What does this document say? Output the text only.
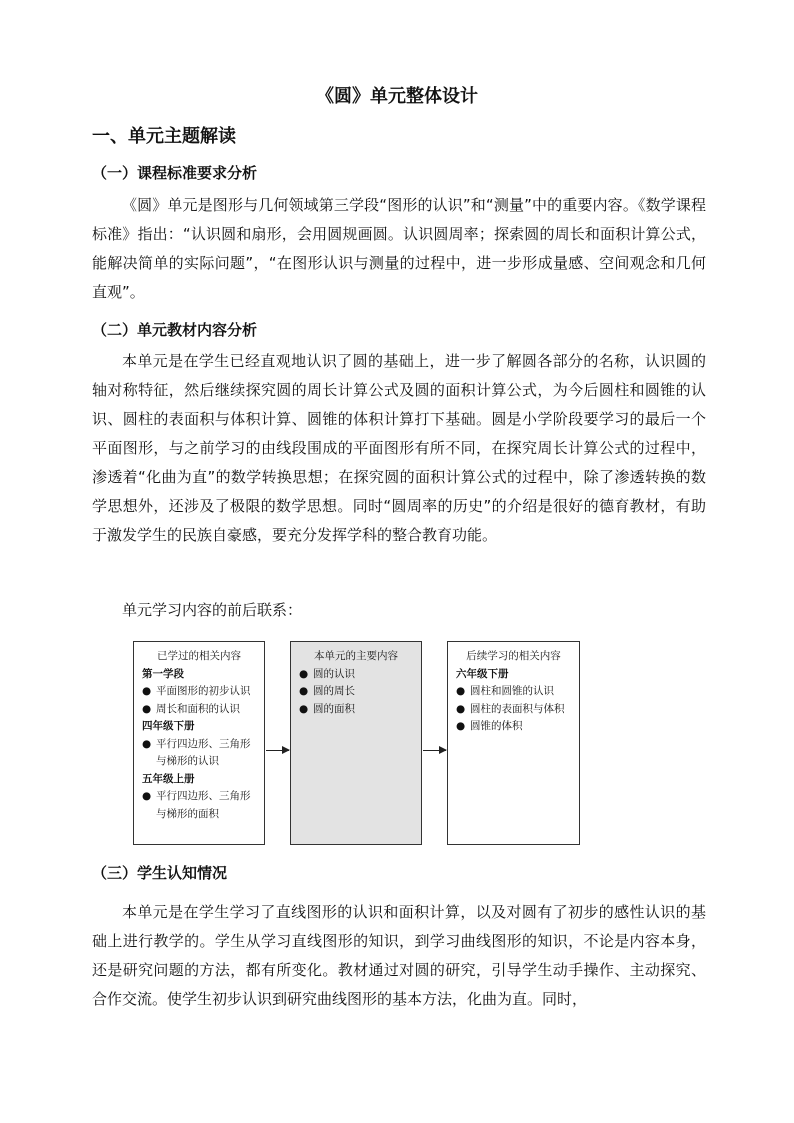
《圆》单元整体设计
一、单元主题解读
（一）课程标准要求分析

《圆》单元是图形与几何领域第三学段“图形的认识”和“测量”中的重要内容。《数学课程标准》指出：“认识圆和扇形，会用圆规画圆。认识圆周率；探索圆的周长和面积计算公式，能解决简单的实际问题”，“在图形认识与测量的过程中，进一步形成量感、空间观念和几何直观”。

（二）单元教材内容分析

本单元是在学生已经直观地认识了圆的基础上，进一步了解圆各部分的名称，认识圆的轴对称特征，然后继续探究圆的周长计算公式及圆的面积计算公式，为今后圆柱和圆锥的认识、圆柱的表面积与体积计算、圆锥的体积计算打下基础。圆是小学阶段要学习的最后一个平面图形，与之前学习的由线段围成的平面图形有所不同，在探究周长计算公式的过程中，渗透着“化曲为直”的数学转换思想；在探究圆的面积计算公式的过程中，除了渗透转换的数学思想外，还涉及了极限的数学思想。同时“圆周率的历史”的介绍是很好的德育教材，有助于激发学生的民族自豪感，要充分发挥学科的整合教育功能。

单元学习内容的前后联系：

已学过的相关内容
第一学段
● 平面图形的初步认识
● 周长和面积的认识
四年级下册
● 平行四边形、三角形与梯形的认识
五年级上册
● 平行四边形、三角形与梯形的面积
本单元的主要内容
● 圆的认识
● 圆的周长
● 圆的面积
后续学习的相关内容
六年级下册
● 圆柱和圆锥的认识
● 圆柱的表面积与体积
● 圆锥的体积
（三）学生认知情况

本单元是在学生学习了直线图形的认识和面积计算，以及对圆有了初步的感性认识的基础上进行教学的。学生从学习直线图形的知识，到学习曲线图形的知识，不论是内容本身，还是研究问题的方法，都有所变化。教材通过对圆的研究，引导学生动手操作、主动探究、合作交流。使学生初步认识到研究曲线图形的基本方法，化曲为直。同时，
